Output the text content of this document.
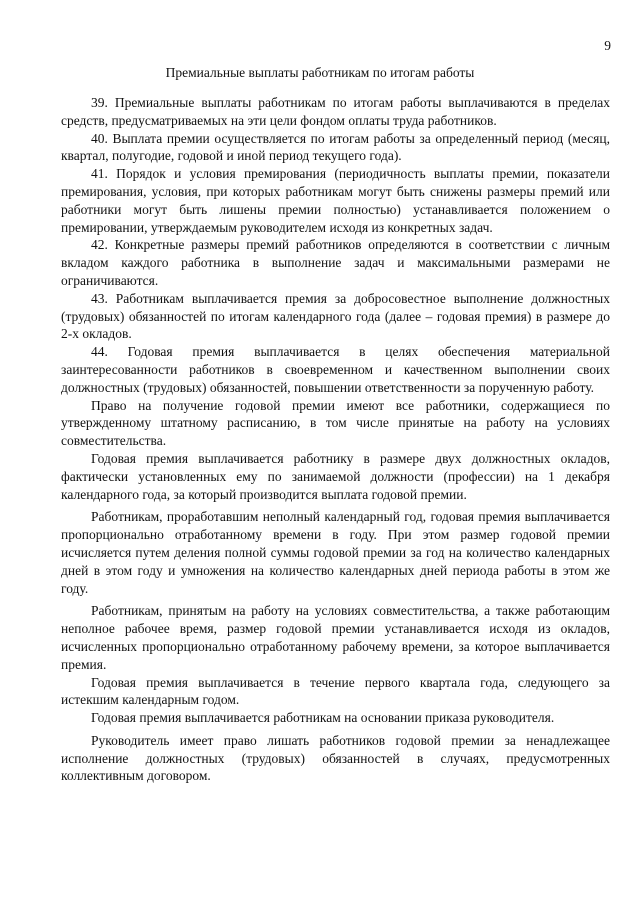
9
Премиальные выплаты работникам по итогам работы

39. Премиальные выплаты работникам по итогам работы выплачиваются в пределах средств, предусматриваемых на эти цели фондом оплаты труда работников.

40. Выплата премии осуществляется по итогам работы за определенный период (месяц, квартал, полугодие, годовой и иной период текущего года).

41. Порядок и условия премирования (периодичность выплаты премии, показатели премирования, условия, при которых работникам могут быть снижены размеры премий или работники могут быть лишены премии полностью) устанавливается положением о премировании, утверждаемым руководителем исходя из конкретных задач.

42. Конкретные размеры премий работников определяются в соответствии с личным вкладом каждого работника в выполнение задач и максимальными размерами не ограничиваются.

43. Работникам выплачивается премия за добросовестное выполнение должностных (трудовых) обязанностей по итогам календарного года (далее – годовая премия) в размере до 2-х окладов.

44. Годовая премия выплачивается в целях обеспечения материальной заинтересованности работников в своевременном и качественном выполнении своих должностных (трудовых) обязанностей, повышении ответственности за порученную работу.

Право на получение годовой премии имеют все работники, содержащиеся по утвержденному штатному расписанию, в том числе принятые на работу на условиях совместительства.

Годовая премия выплачивается работнику в размере двух должностных окладов, фактически установленных ему по занимаемой должности (профессии) на 1 декабря календарного года, за который производится выплата годовой премии.

Работникам, проработавшим неполный календарный год, годовая премия выплачивается пропорционально отработанному времени в году. При этом размер годовой премии исчисляется путем деления полной суммы годовой премии за год на количество календарных дней в этом году и умножения на количество календарных дней периода работы в этом же году.

Работникам, принятым на работу на условиях совместительства, а также работающим неполное рабочее время, размер годовой премии устанавливается исходя из окладов, исчисленных пропорционально отработанному рабочему времени, за которое выплачивается премия.

Годовая премия выплачивается в течение первого квартала года, следующего за истекшим календарным годом.

Годовая премия выплачивается работникам на основании приказа руководителя.

Руководитель имеет право лишать работников годовой премии за ненадлежащее исполнение должностных (трудовых) обязанностей в случаях, предусмотренных коллективным договором.
